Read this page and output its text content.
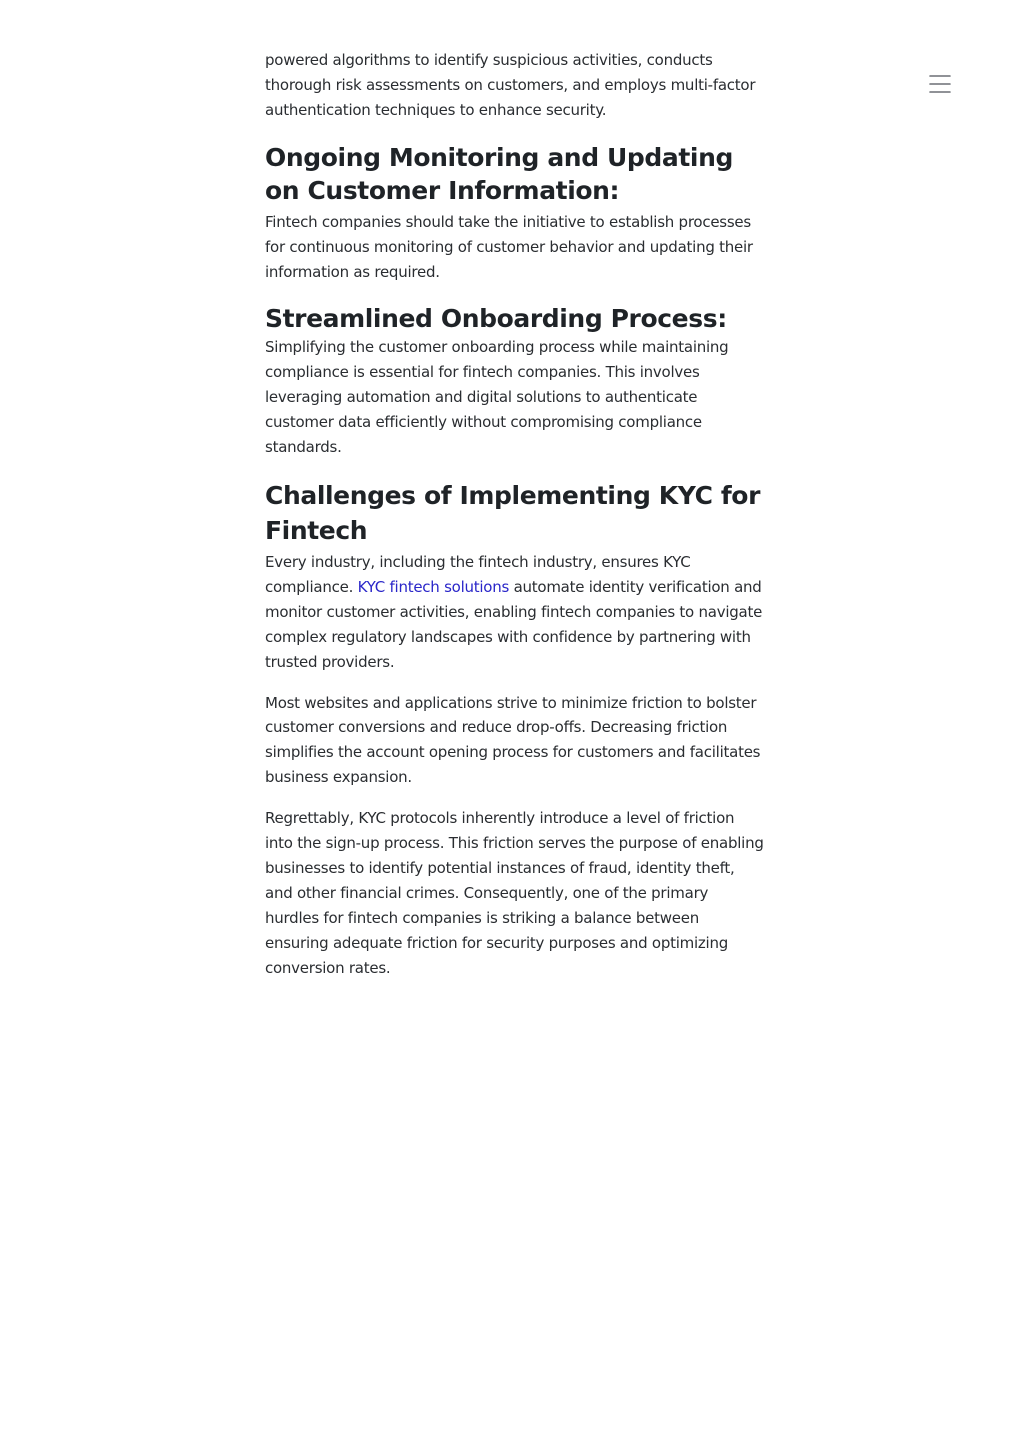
powered algorithms to identify suspicious activities, conducts thorough risk assessments on customers, and employs multi-factor authentication techniques to enhance security.

Ongoing Monitoring and Updating on Customer Information:

Fintech companies should take the initiative to establish processes for continuous monitoring of customer behavior and updating their information as required.

Streamlined Onboarding Process:

Simplifying the customer onboarding process while maintaining compliance is essential for fintech companies. This involves leveraging automation and digital solutions to authenticate customer data efficiently without compromising compliance standards.

Challenges of Implementing KYC for Fintech

Every industry, including the fintech industry, ensures KYC compliance. KYC fintech solutions automate identity verification and monitor customer activities, enabling fintech companies to navigate complex regulatory landscapes with confidence by partnering with trusted providers.

Most websites and applications strive to minimize friction to bolster customer conversions and reduce drop-offs. Decreasing friction simplifies the account opening process for customers and facilitates business expansion.

Regrettably, KYC protocols inherently introduce a level of friction into the sign-up process. This friction serves the purpose of enabling businesses to identify potential instances of fraud, identity theft, and other financial crimes. Consequently, one of the primary hurdles for fintech companies is striking a balance between ensuring adequate friction for security purposes and optimizing conversion rates.
